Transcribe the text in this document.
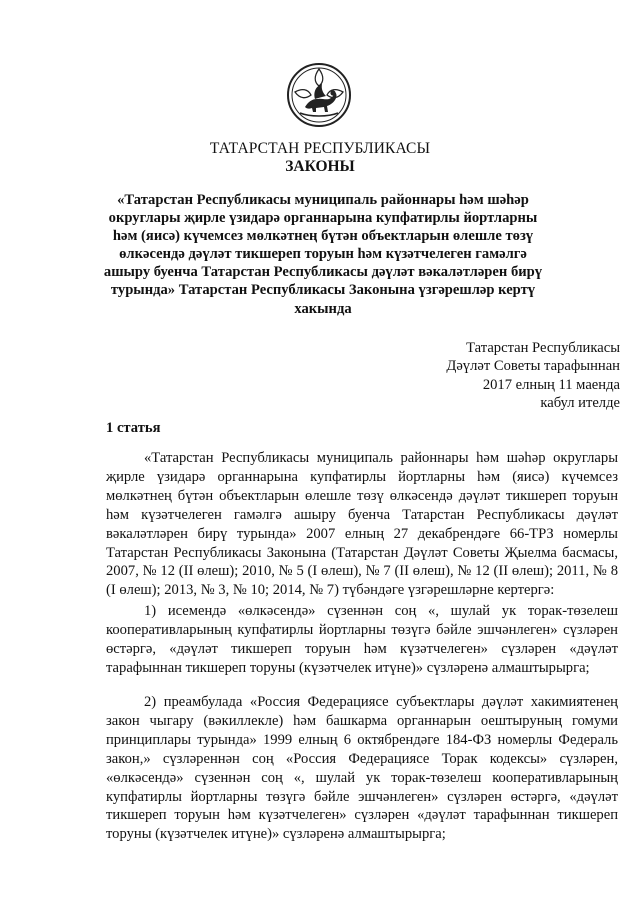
ТАТАРСТАН РЕСПУБЛИКАСЫ
ЗАКОНЫ
«Татарстан Республикасы муниципаль районнары һәм шәһәр округлары җирле үзидарә органнарына купфатирлы йортларны һәм (яисә) күчемсез мөлкәтнең бүтән объектларын өлешле төзү өлкәсендә дәүләт тикшереп торуын һәм күзәтчелеген гамәлгә ашыру буенча Татарстан Республикасы дәүләт вәкаләтләрен бирү турында» Татарстан Республикасы Законына үзгәрешләр кертү хакында
Татарстан Республикасы
Дәүләт Советы тарафыннан
2017 елның 11 маенда
кабул ителде
1 статья
«Татарстан Республикасы муниципаль районнары һәм шәһәр округлары җирле үзидарә органнарына купфатирлы йортларны һәм (яисә) күчемсез мөлкәтнең бүтән объектларын өлешле төзү өлкәсендә дәүләт тикшереп торуын һәм күзәтчелеген гамәлгә ашыру буенча Татарстан Республикасы дәүләт вәкаләтләрен бирү турында» 2007 елның 27 декабрендәге 66-ТРЗ номерлы Татарстан Республикасы Законына (Татарстан Дәүләт Советы Җыелма басмасы, 2007, № 12 (II өлеш); 2010, № 5 (I өлеш), № 7 (II өлеш), № 12 (II өлеш); 2011, № 8 (I өлеш); 2013, № 3, № 10; 2014, № 7) түбәндәге үзгәрешләрне кертергә:
1) исемендә «өлкәсендә» сүзеннән соң «, шулай ук торак-төзелеш кооперативларының купфатирлы йортларны төзүгә бәйле эшчәнлеген» сүзләрен өстәргә, «дәүләт тикшереп торуын һәм күзәтчелеген» сүзләрен «дәүләт тарафыннан тикшереп торуны (күзәтчелек итүне)» сүзләренә алмаштырырга;
2) преамбулада «Россия Федерациясе субъектлары дәүләт хакимиятенең закон чыгару (вәкиллекле) һәм башкарма органнарын оештыруның гомуми принциплары турында» 1999 елның 6 октябрендәге 184-ФЗ номерлы Федераль закон,» сүзләреннән соң «Россия Федерациясе Торак кодексы» сүзләрен, «өлкәсендә» сүзеннән соң «, шулай ук торак-төзелеш кооперативларының купфатирлы йортларны төзүгә бәйле эшчәнлеген» сүзләрен өстәргә, «дәүләт тикшереп торуын һәм күзәтчелеген» сүзләрен «дәүләт тарафыннан тикшереп торуны (күзәтчелек итүне)» сүзләренә алмаштырырга;
